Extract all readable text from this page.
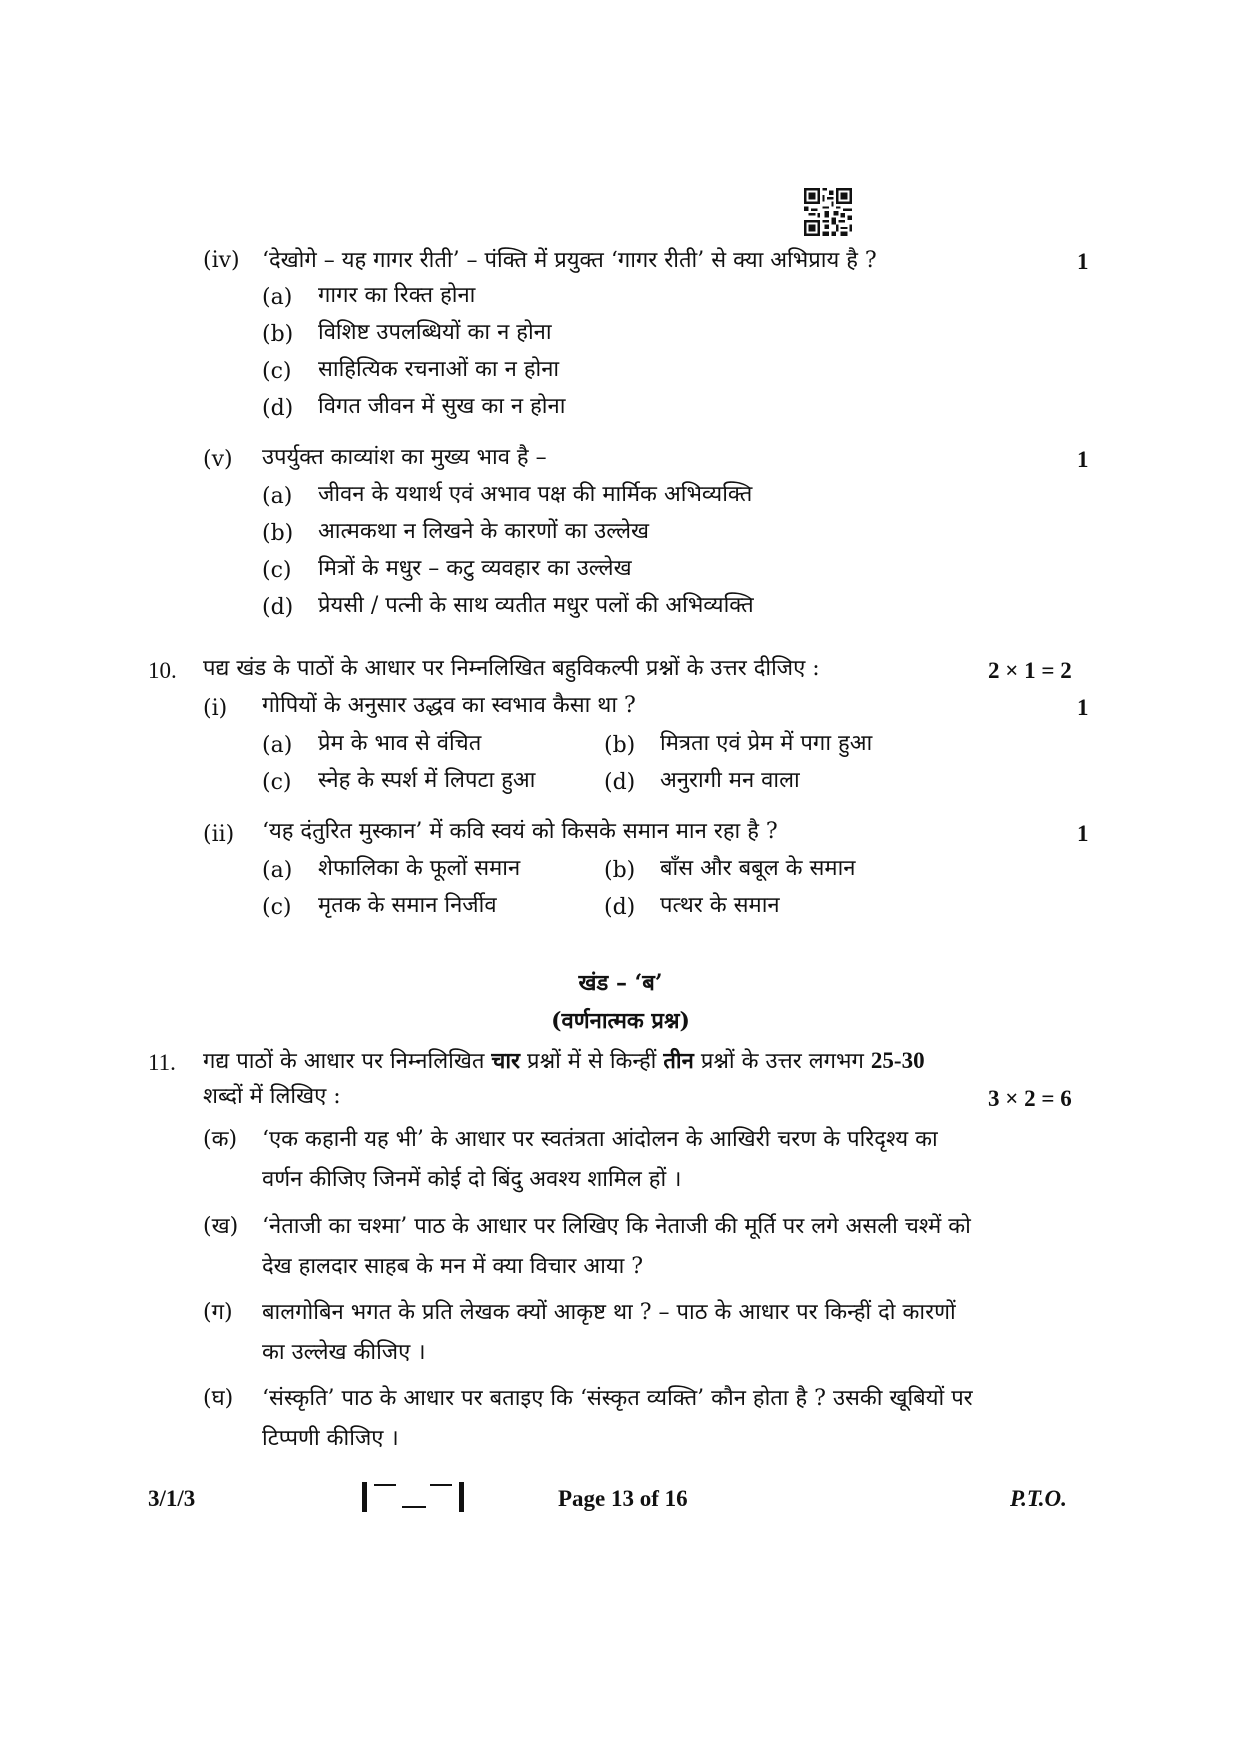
(iv) ‘देखोगे – यह गागर रीती’ – पंक्ति में प्रयुक्त ‘गागर रीती’ से क्या अभिप्राय है ?	1
(a) गागर का रिक्त होना
(b) विशिष्ट उपलब्धियों का न होना
(c) साहित्यिक रचनाओं का न होना
(d) विगत जीवन में सुख का न होना
(v) उपर्युक्त काव्यांश का मुख्य भाव है –	1
(a) जीवन के यथार्थ एवं अभाव पक्ष की मार्मिक अभिव्यक्ति
(b) आत्मकथा न लिखने के कारणों का उल्लेख
(c) मित्रों के मधुर – कटु व्यवहार का उल्लेख
(d) प्रेयसी / पत्नी के साथ व्यतीत मधुर पलों की अभिव्यक्ति
10. पद्य खंड के पाठों के आधार पर निम्नलिखित बहुविकल्पी प्रश्नों के उत्तर दीजिए :	2 × 1 = 2
(i) गोपियों के अनुसार उद्धव का स्वभाव कैसा था ?	1
(a) प्रेम के भाव से वंचित	(b) मित्रता एवं प्रेम में पगा हुआ
(c) स्नेह के स्पर्श में लिपटा हुआ	(d) अनुरागी मन वाला
(ii) ‘यह दंतुरित मुस्कान’ में कवि स्वयं को किसके समान मान रहा है ?	1
(a) शेफालिका के फूलों समान	(b) बाँस और बबूल के समान
(c) मृतक के समान निर्जीव	(d) पत्थर के समान
खंड – ‘ब’
(वर्णनात्मक प्रश्न)
11. गद्य पाठों के आधार पर निम्नलिखित चार प्रश्नों में से किन्हीं तीन प्रश्नों के उत्तर लगभग 25-30
शब्दों में लिखिए :	3 × 2 = 6
(क) ‘एक कहानी यह भी’ के आधार पर स्वतंत्रता आंदोलन के आखिरी चरण के परिदृश्य का
वर्णन कीजिए जिनमें कोई दो बिंदु अवश्य शामिल हों ।
(ख) ‘नेताजी का चश्मा’ पाठ के आधार पर लिखिए कि नेताजी की मूर्ति पर लगे असली चश्में को
देख हालदार साहब के मन में क्या विचार आया ?
(ग) बालगोबिन भगत के प्रति लेखक क्यों आकृष्ट था ? – पाठ के आधार पर किन्हीं दो कारणों
का उल्लेख कीजिए ।
(घ) ‘संस्कृति’ पाठ के आधार पर बताइए कि ‘संस्कृत व्यक्ति’ कौन होता है ? उसकी खूबियों पर
टिप्पणी कीजिए ।
3/1/3	Page 13 of 16	P.T.O.
